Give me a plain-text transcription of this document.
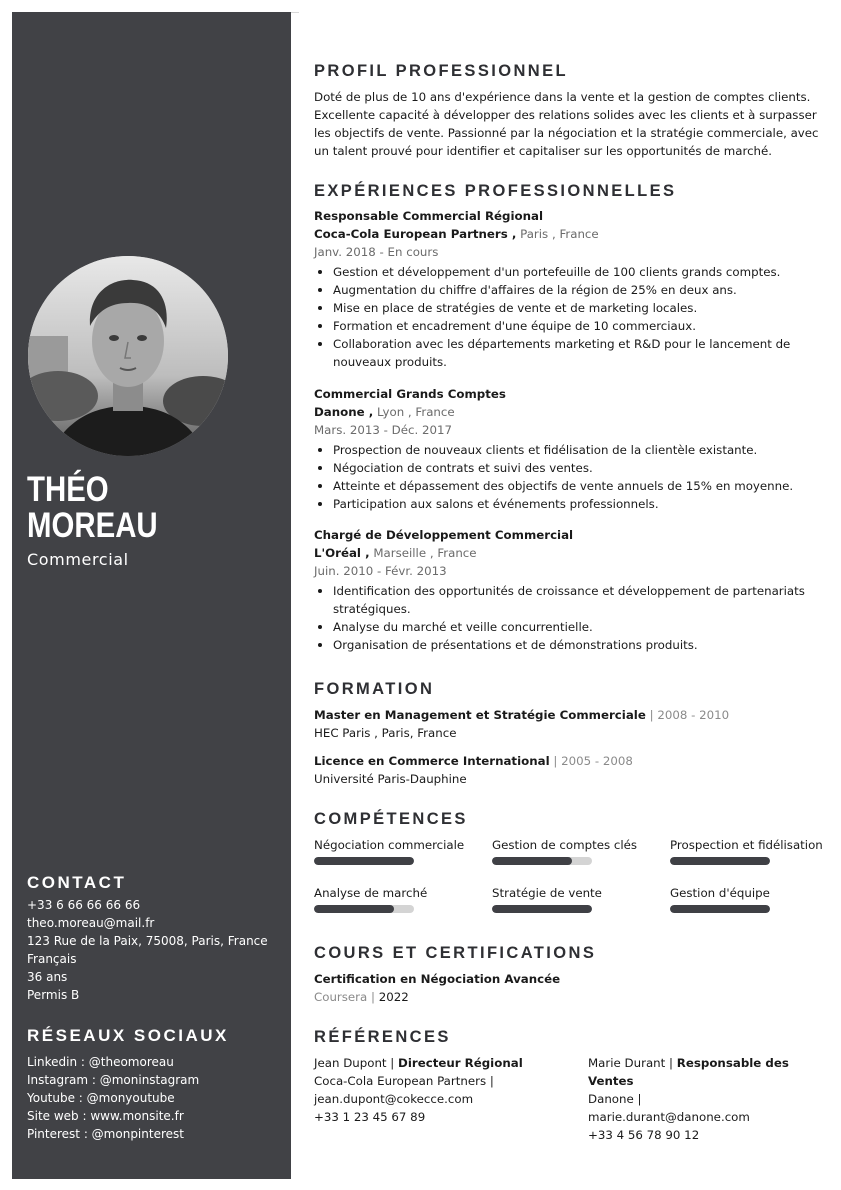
THÉO
MOREAU
Commercial
CONTACT
+33 6 66 66 66 66
theo.moreau@mail.fr
123 Rue de la Paix, 75008, Paris, France
Français
36 ans
Permis B
RÉSEAUX SOCIAUX
Linkedin : @theomoreau
Instagram : @moninstagram
Youtube : @monyoutube
Site web : www.monsite.fr
Pinterest : @monpinterest
PROFIL PROFESSIONNEL
Doté de plus de 10 ans d'expérience dans la vente et la gestion de comptes clients. Excellente capacité à développer des relations solides avec les clients et à surpasser les objectifs de vente. Passionné par la négociation et la stratégie commerciale, avec un talent prouvé pour identifier et capitaliser sur les opportunités de marché.
EXPÉRIENCES PROFESSIONNELLES
Responsable Commercial Régional
Coca-Cola European Partners , Paris , France
Janv. 2018 - En cours
Gestion et développement d'un portefeuille de 100 clients grands comptes.
Augmentation du chiffre d'affaires de la région de 25% en deux ans.
Mise en place de stratégies de vente et de marketing locales.
Formation et encadrement d'une équipe de 10 commerciaux.
Collaboration avec les départements marketing et R&D pour le lancement de nouveaux produits.
Commercial Grands Comptes
Danone , Lyon , France
Mars. 2013 - Déc. 2017
Prospection de nouveaux clients et fidélisation de la clientèle existante.
Négociation de contrats et suivi des ventes.
Atteinte et dépassement des objectifs de vente annuels de 15% en moyenne.
Participation aux salons et événements professionnels.
Chargé de Développement Commercial
L'Oréal , Marseille , France
Juin. 2010 - Févr. 2013
Identification des opportunités de croissance et développement de partenariats stratégiques.
Analyse du marché et veille concurrentielle.
Organisation de présentations et de démonstrations produits.
FORMATION
Master en Management et Stratégie Commerciale | 2008 - 2010
HEC Paris , Paris, France
Licence en Commerce International | 2005 - 2008
Université Paris-Dauphine
COMPÉTENCES
Négociation commerciale	Gestion de comptes clés	Prospection et fidélisation
Analyse de marché	Stratégie de vente	Gestion d'équipe
COURS ET CERTIFICATIONS
Certification en Négociation Avancée
Coursera | 2022
RÉFÉRENCES
Jean Dupont | Directeur Régional
Coca-Cola European Partners |
jean.dupont@cokecce.com
+33 1 23 45 67 89
Marie Durant | Responsable des Ventes
Danone |
marie.durant@danone.com
+33 4 56 78 90 12
